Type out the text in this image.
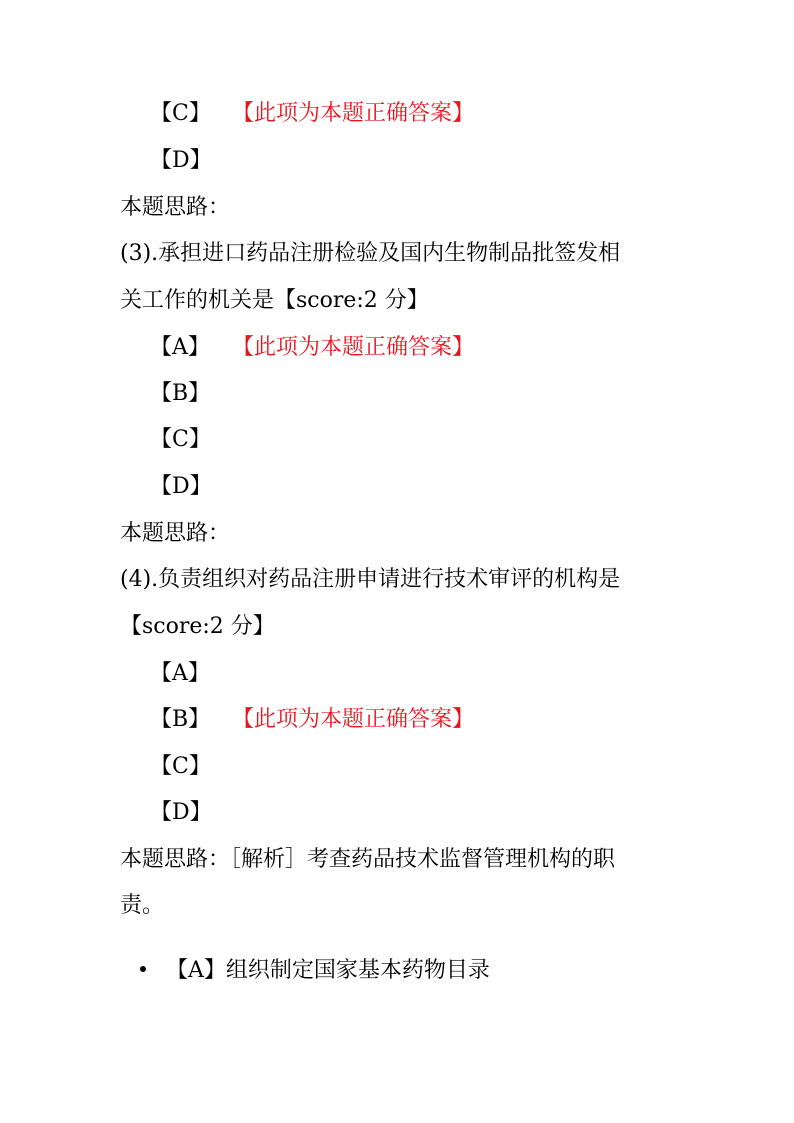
【C】 【此项为本题正确答案】
【D】
本题思路：
(3).承担进口药品注册检验及国内生物制品批签发相
关工作的机关是【score:2 分】
【A】 【此项为本题正确答案】
【B】
【C】
【D】
本题思路：
(4).负责组织对药品注册申请进行技术审评的机构是
【score:2 分】
【A】
【B】 【此项为本题正确答案】
【C】
【D】
本题思路：［解析］考查药品技术监督管理机构的职
责。
【A】组织制定国家基本药物目录
